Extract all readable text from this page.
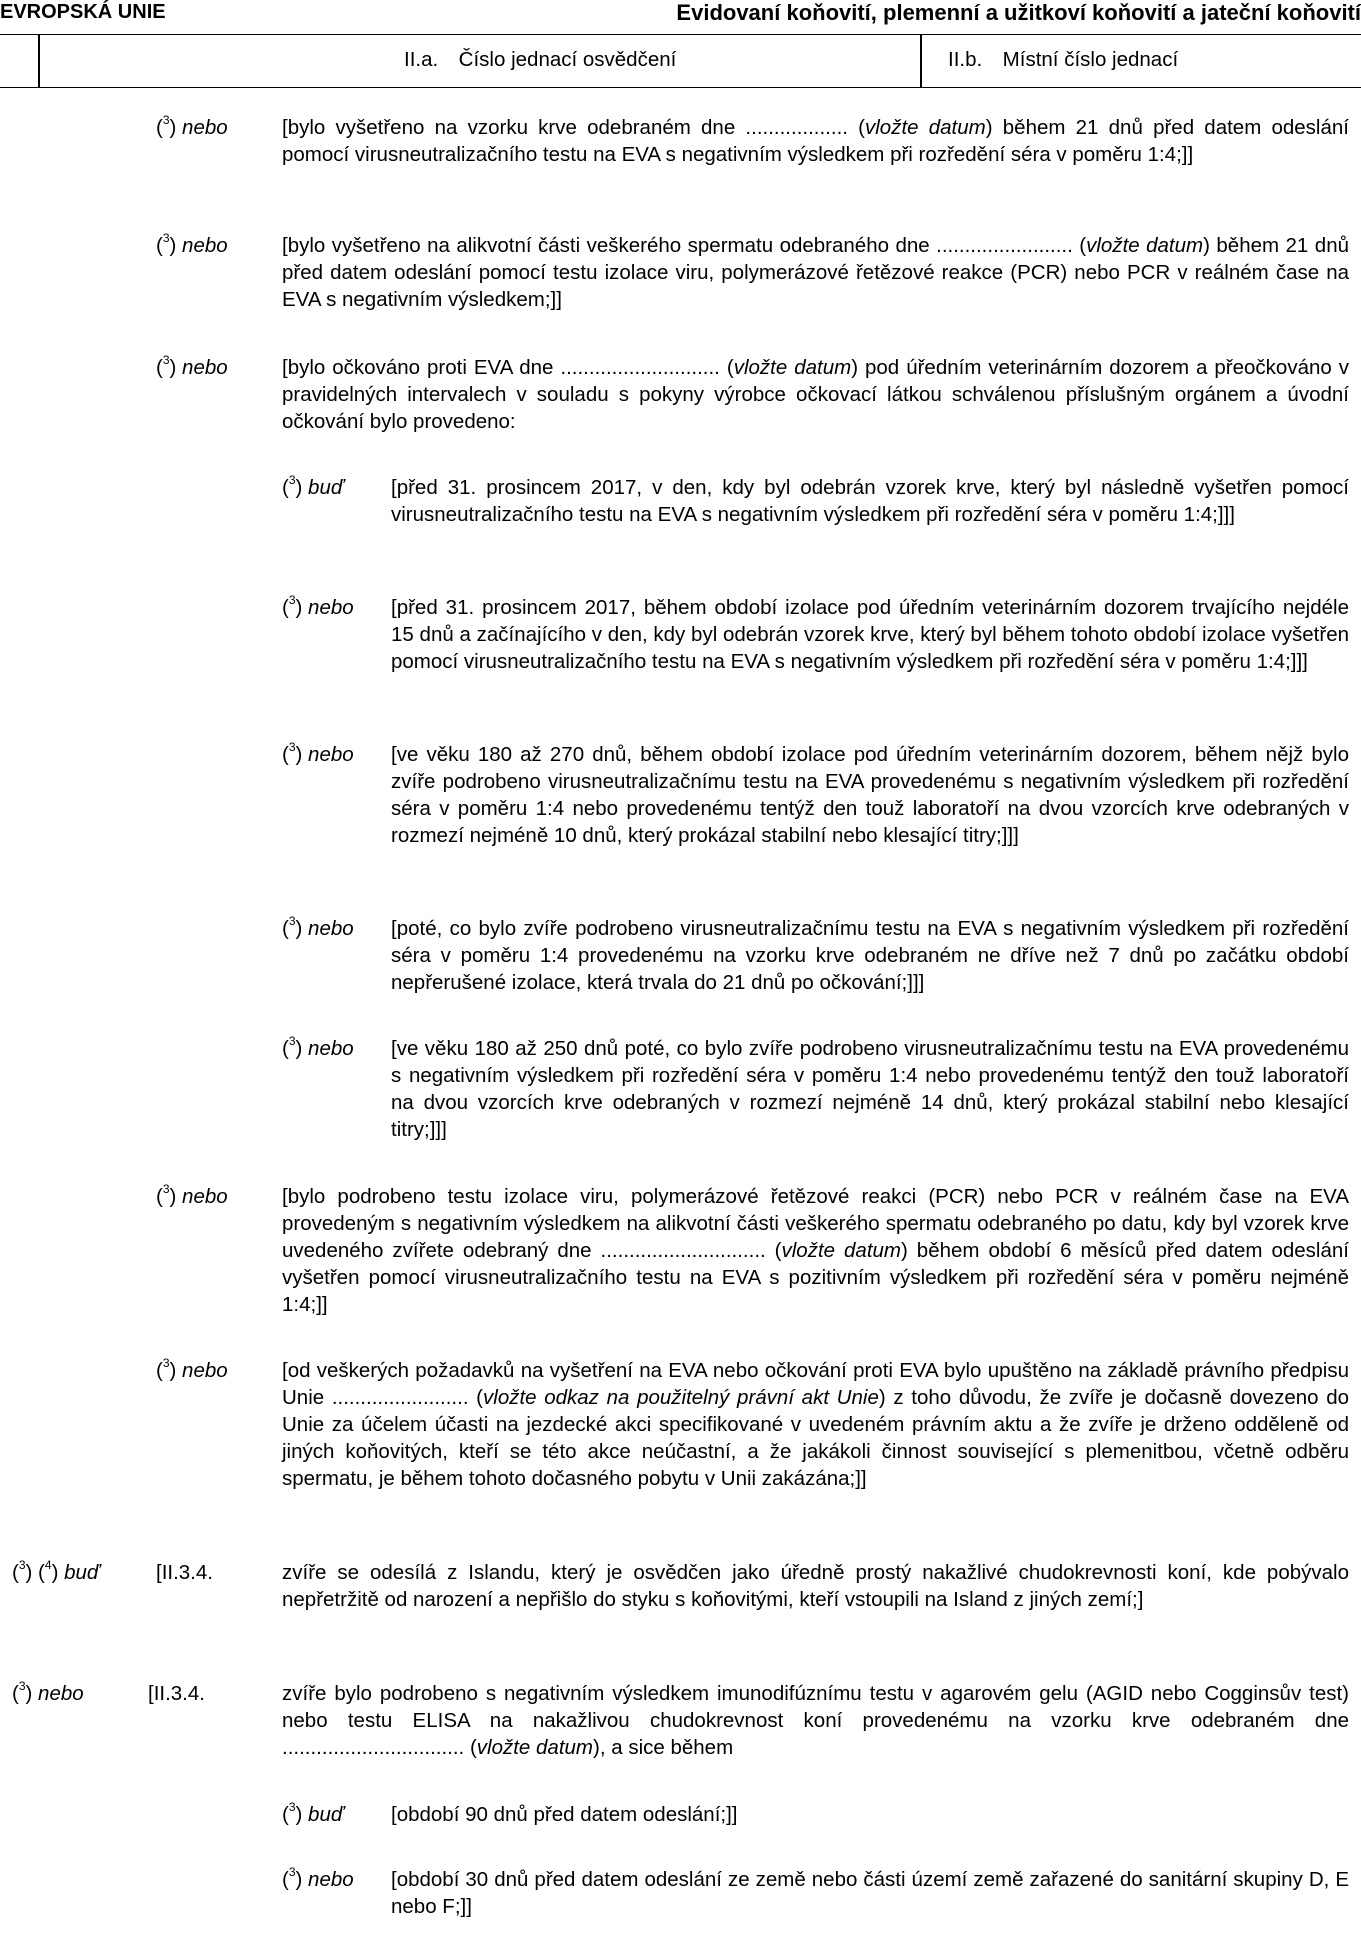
EVROPSKÁ UNIE	Evidovaní koňovití, plemenní a užitkoví koňovití a jateční koňovití
II.a. Číslo jednací osvědčení	II.b. Místní číslo jednací
($^3$) nebo	[bylo vyšetřeno na vzorku krve odebraném dne .................. (vložte datum) během 21 dnů před datem odeslání pomocí virusneutralizačního testu na EVA s negativním výsledkem při rozředění séra v poměru 1:4;]]
($^3$) nebo	[bylo vyšetřeno na alikvotní části veškerého spermatu odebraného dne ........................ (vložte datum) během 21 dnů před datem odeslání pomocí testu izolace viru, polymerázové řetězové reakce (PCR) nebo PCR v reálném čase na EVA s negativním výsledkem;]]
($^3$) nebo	[bylo očkováno proti EVA dne ............................ (vložte datum) pod úředním veterinárním dozorem a přeočkováno v pravidelných intervalech v souladu s pokyny výrobce očkovací látkou schválenou příslušným orgánem a úvodní očkování bylo provedeno:
($^3$) buď [před 31. prosincem 2017, v den, kdy byl odebrán vzorek krve, který byl následně vyšetřen pomocí virusneutralizačního testu na EVA s negativním výsledkem při rozředění séra v poměru 1:4;]]]
($^3$) nebo [před 31. prosincem 2017, během období izolace pod úředním veterinárním dozorem trvajícího nejdéle 15 dnů a začínajícího v den, kdy byl odebrán vzorek krve, který byl během tohoto období izolace vyšetřen pomocí virusneutralizačního testu na EVA s negativním výsledkem při rozředění séra v poměru 1:4;]]]
($^3$) nebo [ve věku 180 až 270 dnů, během období izolace pod úředním veterinárním dozorem, během nějž bylo zvíře podrobeno virusneutralizačnímu testu na EVA provedenému s negativním výsledkem při rozředění séra v poměru 1:4 nebo provedenému tentýž den touž laboratoří na dvou vzorcích krve odebraných v rozmezí nejméně 10 dnů, který prokázal stabilní nebo klesající titry;]]]
($^3$) nebo [poté, co bylo zvíře podrobeno virusneutralizačnímu testu na EVA s negativním výsledkem při rozředění séra v poměru 1:4 provedenému na vzorku krve odebraném ne dříve než 7 dnů po začátku období nepřerušené izolace, která trvala do 21 dnů po očkování;]]]
($^3$) nebo [ve věku 180 až 250 dnů poté, co bylo zvíře podrobeno virusneutralizačnímu testu na EVA provedenému s negativním výsledkem při rozředění séra v poměru 1:4 nebo provedenému tentýž den touž laboratoří na dvou vzorcích krve odebraných v rozmezí nejméně 14 dnů, který prokázal stabilní nebo klesající titry;]]]
($^3$) nebo	[bylo podrobeno testu izolace viru, polymerázové řetězové reakci (PCR) nebo PCR v reálném čase na EVA provedeným s negativním výsledkem na alikvotní části veškerého spermatu odebraného po datu, kdy byl vzorek krve uvedeného zvířete odebraný dne ............................. (vložte datum) během období 6 měsíců před datem odeslání vyšetřen pomocí virusneutralizačního testu na EVA s pozitivním výsledkem při rozředění séra v poměru nejméně 1:4;]]
($^3$) nebo	[od veškerých požadavků na vyšetření na EVA nebo očkování proti EVA bylo upuštěno na základě právního předpisu Unie ........................ (vložte odkaz na použitelný právní akt Unie) z toho důvodu, že zvíře je dočasně dovezeno do Unie za účelem účasti na jezdecké akci specifikované v uvedeném právním aktu a že zvíře je drženo odděleně od jiných koňovitých, kteří se této akce neúčastní, a že jakákoli činnost související s plemenitbou, včetně odběru spermatu, je během tohoto dočasného pobytu v Unii zakázána;]]
($^3$) ($^4$) buď	[II.3.4.	zvíře se odesílá z Islandu, který je osvědčen jako úředně prostý nakažlivé chudokrevnosti koní, kde pobývalo nepřetržitě od narození a nepřišlo do styku s koňovitými, kteří vstoupili na Island z jiných zemí;]
($^3$) nebo	[II.3.4.	zvíře bylo podrobeno s negativním výsledkem imunodifúznímu testu v agarovém gelu (AGID nebo Cogginsův test) nebo testu ELISA na nakažlivou chudokrevnost koní provedenému na vzorku krve odebraném dne ................................ (vložte datum), a sice během
($^3$) buď [období 90 dnů před datem odeslání;]]
($^3$) nebo [období 30 dnů před datem odeslání ze země nebo části území země zařazené do sanitární skupiny D, E nebo F;]]
